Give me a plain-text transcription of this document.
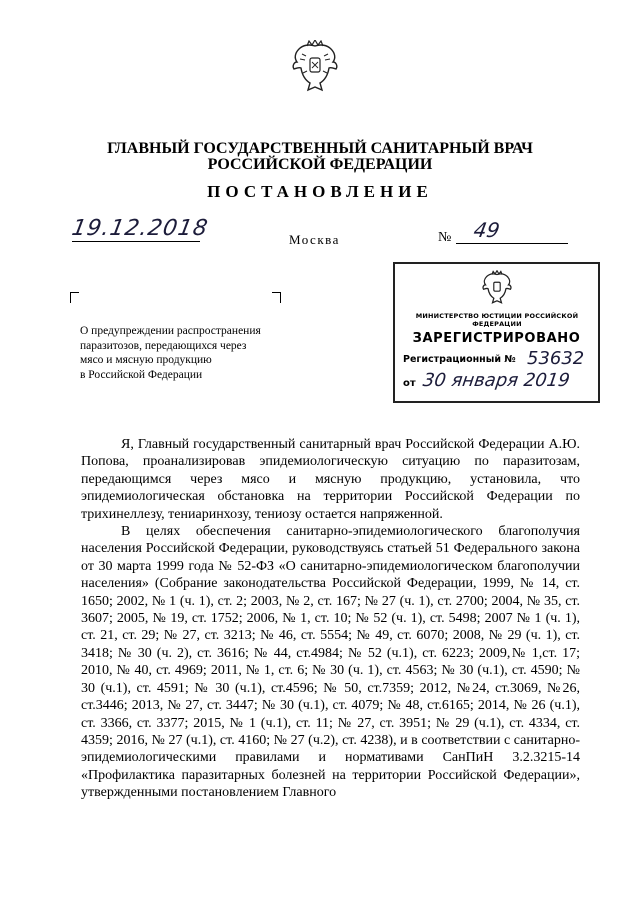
ГЛАВНЫЙ ГОСУДАРСТВЕННЫЙ САНИТАРНЫЙ ВРАЧ
РОССИЙСКОЙ ФЕДЕРАЦИИ
ПОСТАНОВЛЕНИЕ
19.12.2018	Москва	№ 49
О предупреждении распространения
паразитозов, передающихся через
мясо и мясную продукцию
в Российской Федерации
МИНИСТЕРСТВО ЮСТИЦИИ РОССИЙСКОЙ ФЕДЕРАЦИИ
ЗАРЕГИСТРИРОВАНО
Регистрационный № 53632
от 30 января 2019

Я, Главный государственный санитарный врач Российской Федерации А.Ю. Попова, проанализировав эпидемиологическую ситуацию по паразитозам, передающимся через мясо и мясную продукцию, установила, что эпидемиологическая обстановка на территории Российской Федерации по трихинеллезу, тениаринхозу, тениозу остается напряженной.

В целях обеспечения санитарно-эпидемиологического благополучия населения Российской Федерации, руководствуясь статьей 51 Федерального закона от 30 марта 1999 года № 52-ФЗ «О санитарно-эпидемиологическом благополучии населения» (Собрание законодательства Российской Федерации, 1999, № 14, ст. 1650; 2002, № 1 (ч. 1), ст. 2; 2003, № 2, ст. 167; № 27 (ч. 1), ст. 2700; 2004, № 35, ст. 3607; 2005, № 19, ст. 1752; 2006, № 1, ст. 10; № 52 (ч. 1), ст. 5498; 2007 № 1 (ч. 1), ст. 21, ст. 29; № 27, ст. 3213; № 46, ст. 5554; № 49, ст. 6070; 2008, № 29 (ч. 1), ст. 3418; № 30 (ч. 2), ст. 3616; № 44, ст.4984; № 52 (ч.1), ст. 6223; 2009,№ 1,ст. 17; 2010, № 40, ст. 4969; 2011, № 1, ст. 6; № 30 (ч. 1), ст. 4563; № 30 (ч.1), ст. 4590; № 30 (ч.1), ст. 4591; № 30 (ч.1), ст.4596; № 50, ст.7359; 2012, №24, ст.3069, №26, ст.3446; 2013, № 27, ст. 3447; № 30 (ч.1), ст. 4079; № 48, ст.6165; 2014, № 26 (ч.1), ст. 3366, ст. 3377; 2015, № 1 (ч.1), ст. 11; № 27, ст. 3951; № 29 (ч.1), ст. 4334, ст. 4359; 2016, № 27 (ч.1), ст. 4160; № 27 (ч.2), ст. 4238), и в соответствии с санитарно-эпидемиологическими правилами и нормативами СанПиН 3.2.3215-14 «Профилактика паразитарных болезней на территории Российской Федерации», утвержденными постановлением Главного
